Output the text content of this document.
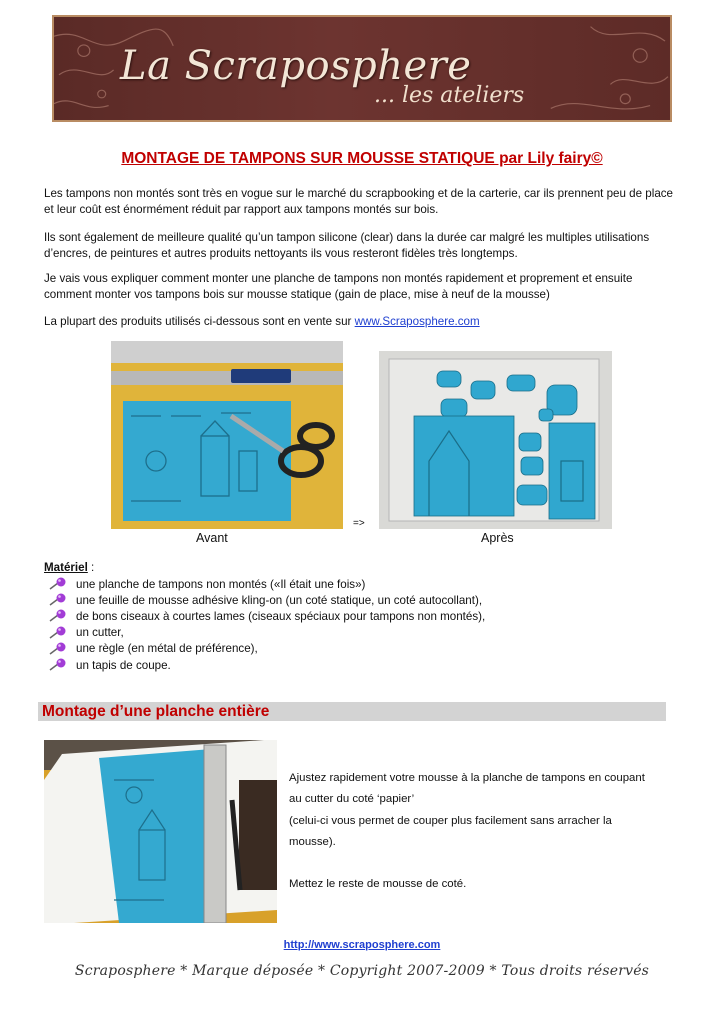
La Scraposphere
... les ateliers
MONTAGE DE TAMPONS SUR MOUSSE STATIQUE par Lily fairy©

Les tampons non montés sont très en vogue sur le marché du scrapbooking et de la carterie, car ils prennent peu de place et leur coût est énormément réduit par rapport aux tampons montés sur bois.

Ils sont également de meilleure qualité qu’un tampon silicone (clear) dans la durée car malgré les multiples utilisations d’encres, de peintures et autres produits nettoyants ils vous resteront fidèles très longtemps.

Je vais vous expliquer comment monter une planche de tampons non montés rapidement et proprement et ensuite comment monter vos tampons bois sur mousse statique (gain de place, mise à neuf de la mousse)

La plupart des produits utilisés ci-dessous sont en vente sur www.Scraposphere.com

Avant
=>
Après
Matériel :
une planche de tampons non montés («Il était une fois»)
une feuille de mousse adhésive kling-on (un coté statique, un coté autocollant),
de bons ciseaux à courtes lames (ciseaux spéciaux pour tampons non montés),
un cutter,
une règle (en métal de préférence),
un tapis de coupe.
Montage d’une planche entière
Ajustez rapidement votre mousse à la planche de tampons en coupant
au cutter du coté ‘papier’
(celui-ci vous permet de couper plus facilement sans arracher la
mousse).
Mettez le reste de mousse de coté.
http://www.scraposphere.com
Scraposphere * Marque déposée * Copyright 2007-2009 * Tous droits réservés
